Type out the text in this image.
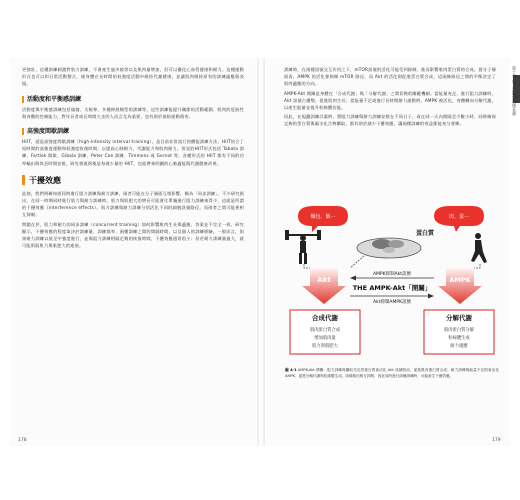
更強壯，這種訓練刺激對肌力訓練，不會產生過多疲勞以及肌肉量增加，但可以優化心血管健康和耐力。這種運動形式也可以和日常活動整合，使身體在長時間的低強度活動中維持代謝健康，並讓肌肉維持原有的訓練適應與表現。

活動度和平衡感訓練

活動度與平衡感訓練包括瑜伽、太極拳、多種伸展類型的訓練等，這些訓練能提升關節的活動範圍、肌肉的延展性與身體的控制能力，對年長者或長時間久坐的人而言尤為重要，也有助於預防運動傷害。

高強度間歇訓練

HIIT，就是高強度間歇訓練（high-intensity interval training），是目前非常流行的體能訓練方法。HIIT結合了短時間的高強度運動和低強度恢復時間，以提高心肺耐力、代謝能力和肌肉耐力。常見的HIIT形式包括 Tabata 訓練、Fartlek 間歇、Gibala 訓練、Peter Coe 訓練、Timmons 或 Gernot 等，各種形式的 HIIT 都有不同的功率輸出與休息時間安排，研究發現即使是每週少量的 HIIT，也能帶來明顯的心肺適能與代謝健康改善。

干擾效應

此刻，我們明確知道同時進行阻力訓練與耐力訓練，兩者可能在分子層面互相影響，稱為「同步訓練」。不少研究指出，在同一時期同時進行肌力與耐力訓練時，肌力與肌肥大的增長可能會比單獨進行阻力訓練來得少，這就是所謂的干擾效應（interference effects）。肌力訓練與耐力訓練分別活化不同的細胞訊號路徑，而兩者之間可能會相互抑制。

問題在於，肌力和耐力的同步訓練（concurrent training）如何影響肌肉生長與適應，答案並不完全一致。研究顯示，干擾效應的程度取決於訓練量、訓練頻率、兩種訓練之間的間隔時間，以及個人的訓練經驗。一般而言，如果耐力訓練以低至中強度進行，並與阻力訓練相隔足夠的恢復時間，干擾效應通常很小；但若耐力訓練量過大，就可能削弱肌力與肌肥大的進展。

178

訓練時，在兩種訊號交互作用之下，mTOR訊號的活化可能受到抑制，進而影響肌肉蛋白質的合成。從分子層面看，AMPK 的活化會抑制 mTOR 路徑，而 Akt 的活化則促進蛋白質合成，這兩條路徑之間的平衡決定了肌肉適應的方向。

AMPK-Akt 開關是身體在「合成代謝」與「分解代謝」之間切換的關鍵機制。當能量充足、進行阻力訓練時，Akt 訊號占優勢，促進肌肉生長；當能量不足或進行長時間耐力運動時，AMPK 被活化，身體轉向分解代謝，以產生能量並提升粒線體功能。

因此，在規劃訓練計畫時，將阻力訓練與耐力訓練安排在不同日子，或在同一天內間隔至少數小時，同時確保足夠的蛋白質與碳水化合物攝取，都有助於減少干擾效應，讓兩種訓練的效益都能充分發揮。

第十章 肌力訓練與健康長壽
麵包、飯⋯	肉、蛋⋯
蛋白質
Akt	AMPK
AMPK抑制Akt訊號
THE AMPK-Akt「開關」
Akt抑制AMPK訊號
合成代謝
肌肉蛋白質合成
增加肌肉量
肌力與肌肥大
分解代謝
肌肉蛋白質分解
粒線體生成
耐力適應
圖 4-1 AMPK-Akt 開關：阻力訓練與攝取充足的蛋白質會活化 Akt 訊號路徑，促進肌肉蛋白質合成；耐力訓練與能量不足則會活化 AMPK，促進分解代謝與粒線體生成。兩條路徑相互抑制，因此同時進行兩種訓練時，可能產生干擾效應。
179
